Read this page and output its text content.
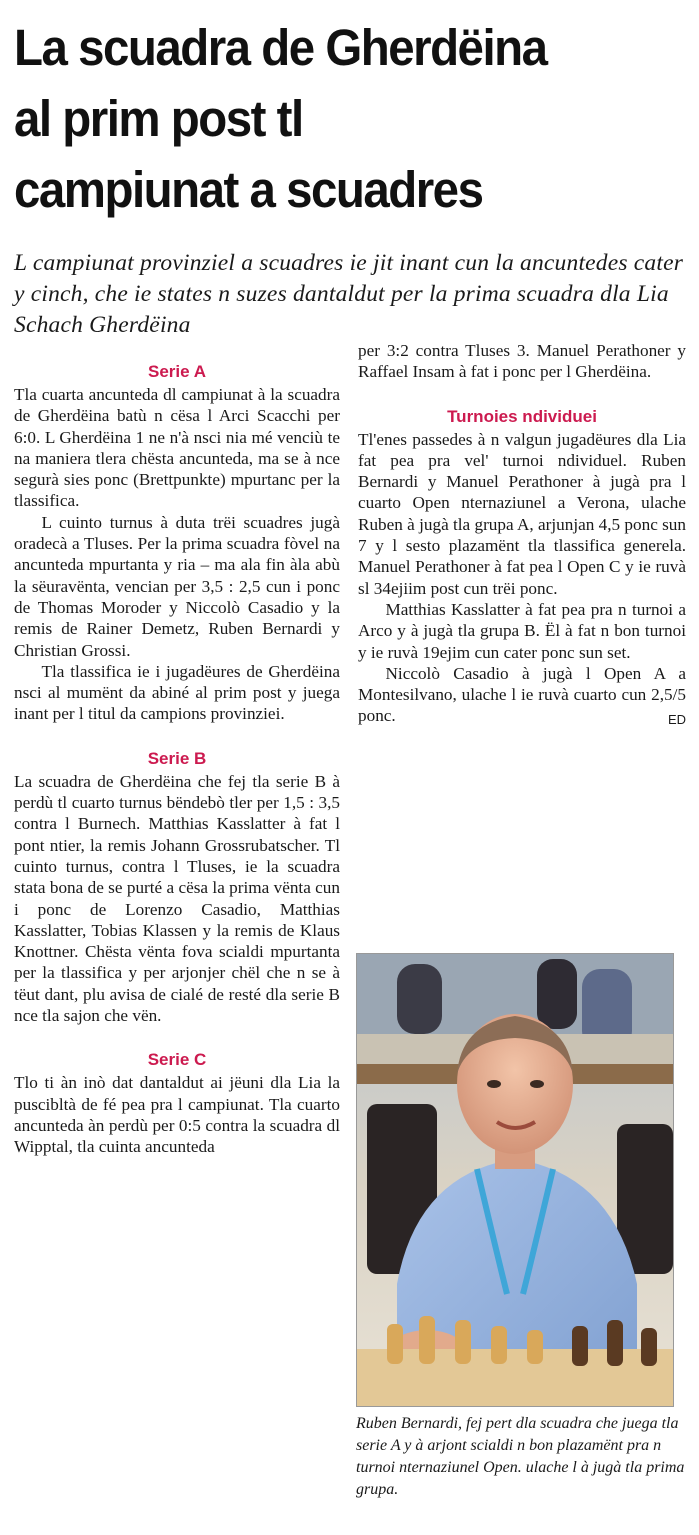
La scuadra de Gherdëina
al prim post tl
campiunat a scuadres

L campiunat provinziel a scuadres ie jit inant cun la ancuntedes cater y cinch, che ie states n suzes dantaldut per la prima scuadra dla Lia Schach Gherdëina

Serie A

Tla cuarta ancunteda dl campiunat à la scuadra de Gherdëina batù n cësa l Arci Scacchi per 6:0. L Gherdëina 1 ne n'à nsci nia mé venciù te na maniera tlera chësta ancunteda, ma se à nce segurà sies ponc (Brettpunkte) mpurtanc per la tlassifica.

L cuinto turnus à duta trëi scuadres jugà oradecà a Tluses. Per la prima scuadra fòvel na ancunteda mpurtanta y ria – ma ala fin àla abù la sëuravënta, vencian per 3,5 : 2,5 cun i ponc de Thomas Moroder y Niccolò Casadio y la remis de Rainer Demetz, Ruben Bernardi y Christian Grossi.

Tla tlassifica ie i jugadëures de Gherdëina nsci al mumënt da abiné al prim post y juega inant per l titul da campions provinziei.

Serie B

La scuadra de Gherdëina che fej tla serie B à perdù tl cuarto turnus bëndebò tler per 1,5 : 3,5 contra l Burnech. Matthias Kasslatter à fat l pont ntier, la remis Johann Grossrubatscher. Tl cuinto turnus, contra l Tluses, ie la scuadra stata bona de se purté a cësa la prima vënta cun i ponc de Lorenzo Casadio, Matthias Kasslatter, Tobias Klassen y la remis de Klaus Knottner. Chësta vënta fova scialdi mpurtanta per la tlassifica y per arjonjer chël che n se à tëut dant, plu avisa de cialé de resté dla serie B nce tla sajon che vën.

Serie C

Tlo ti àn inò dat dantaldut ai jëuni dla Lia la puscibltà de fé pea pra l campiunat. Tla cuarto ancunteda àn perdù per 0:5 contra la scuadra dl Wipptal, tla cuinta ancunteda

per 3:2 contra Tluses 3. Manuel Perathoner y Raffael Insam à fat i ponc per l Gherdëina.

Turnoies ndividuei

Tl'enes passedes à n valgun jugadëures dla Lia fat pea pra vel' turnoi ndividuel. Ruben Bernardi y Manuel Perathoner à jugà pra l cuarto Open nternaziunel a Verona, ulache Ruben à jugà tla grupa A, arjunjan 4,5 ponc sun 7 y l sesto plazamënt tla tlassifica generela. Manuel Perathoner à fat pea l Open C y ie ruvà sl 34ejiim post cun trëi ponc.

Matthias Kasslatter à fat pea pra n turnoi a Arco y à jugà tla grupa B. Ël à fat n bon turnoi y ie ruvà 19ejim cun cater ponc sun set.

Niccolò Casadio à jugà l Open A a Montesilvano, ulache l ie ruvà cuarto cun 2,5/5 ponc.	ED

Ruben Bernardi, fej pert dla scuadra che juega tla serie A y à arjont scialdi n bon plazamënt pra n turnoi nternaziunel Open. ulache l à jugà tla prima grupa.
